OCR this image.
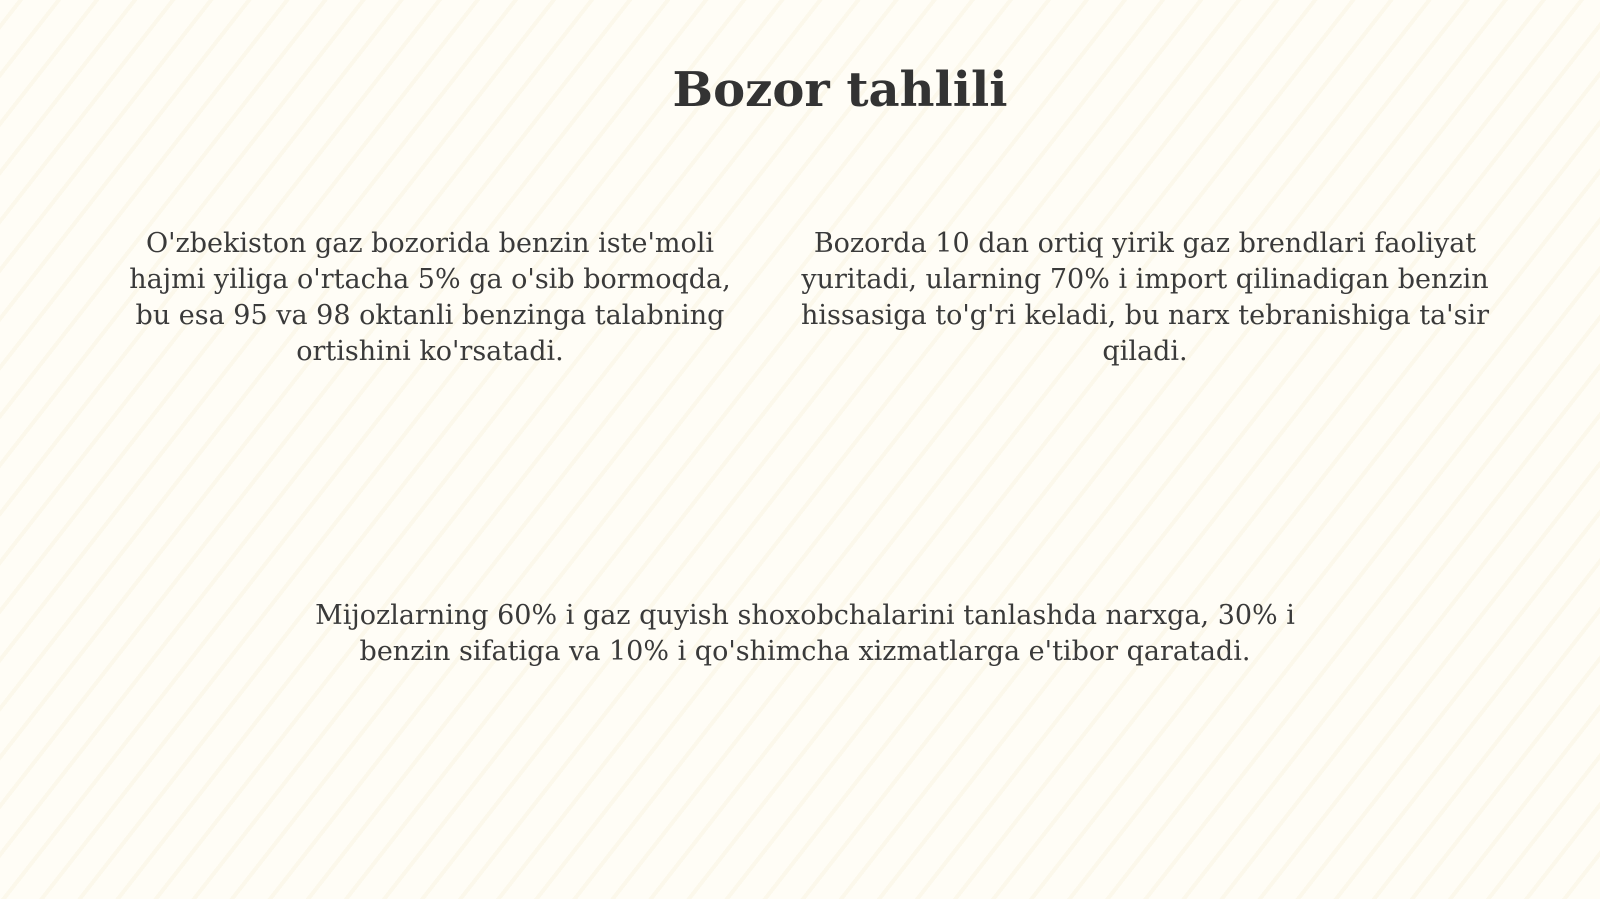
Bozor tahlili

O'zbekiston gaz bozorida benzin iste'moli hajmi yiliga o'rtacha 5% ga o'sib bormoqda, bu esa 95 va 98 oktanli benzinga talabning ortishini ko'rsatadi.

Bozorda 10 dan ortiq yirik gaz brendlari faoliyat yuritadi, ularning 70% i import qilinadigan benzin hissasiga to'g'ri keladi, bu narx tebranishiga ta'sir qiladi.

Mijozlarning 60% i gaz quyish shoxobchalarini tanlashda narxga, 30% i benzin sifatiga va 10% i qo'shimcha xizmatlarga e'tibor qaratadi.
